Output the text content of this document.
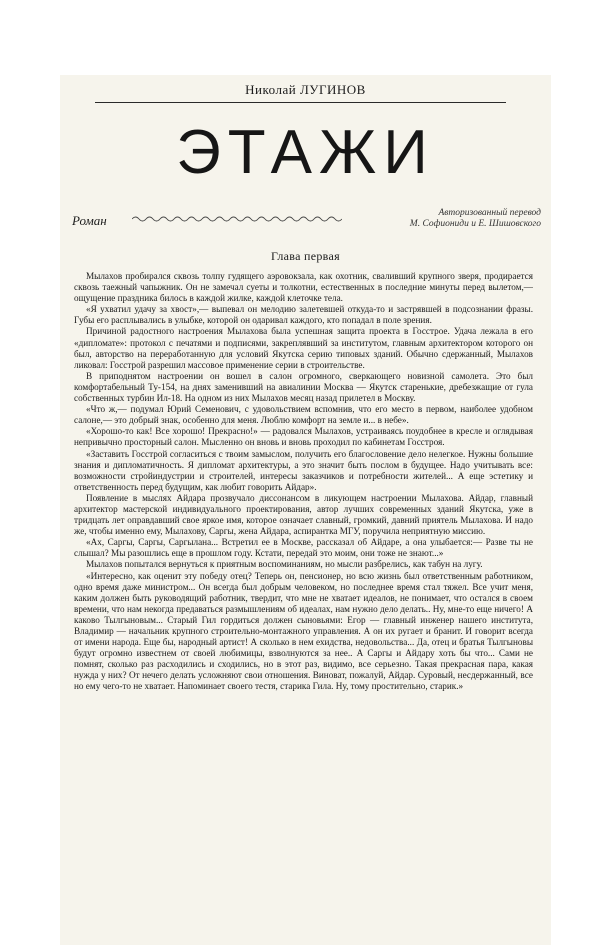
Николай ЛУГИНОВ
ЭТАЖИ
Роман	Авторизованный перевод
М. Софиониди и Е. Шишовского
Глава первая

Мылахов пробирался сквозь толпу гудящего аэровокзала, как охотник, сваливший крупного зверя, продирается сквозь таежный чапыжник. Он не замечал суеты и толкотни, естественных в последние минуты перед вылетом,— ощущение праздника билось в каждой жилке, каждой клеточке тела.

«Я ухватил удачу за хвост»,— выпевал он мелодию залетевшей откуда-то и застрявшей в подсознании фразы. Губы его расплывались в улыбке, которой он одаривал каждого, кто попадал в поле зрения.

Причиной радостного настроения Мылахова была успешная защита проекта в Госстрое. Удача лежала в его «дипломате»: протокол с печатями и подписями, закреплявший за институтом, главным архитектором которого он был, авторство на переработанную для условий Якутска серию типовых зданий. Обычно сдержанный, Мылахов ликовал: Госстрой разрешил массовое применение серии в строительстве.

В приподнятом настроении он вошел в салон огромного, сверкающего новизной самолета. Это был комфортабельный Ту-154, на днях заменивший на авиалинии Москва — Якутск старенькие, дребезжащие от гула собственных турбин Ил-18. На одном из них Мылахов месяц назад прилетел в Москву.

«Что ж,— подумал Юрий Семенович, с удовольствием вспомнив, что его место в первом, наиболее удобном салоне,— это добрый знак, особенно для меня. Люблю комфорт на земле и... в небе».

«Хорошо-то как! Все хорошо! Прекрасно!» — радовался Мылахов, устраиваясь поудобнее в кресле и оглядывая непривычно просторный салон. Мысленно он вновь и вновь проходил по кабинетам Госстроя.

«Заставить Госстрой согласиться с твоим замыслом, получить его благословение дело нелегкое. Нужны большие знания и дипломатичность. Я дипломат архитектуры, а это значит быть послом в будущее. Надо учитывать все: возможности стройиндустрии и строителей, интересы заказчиков и потребности жителей... А еще эстетику и ответственность перед будущим, как любит говорить Айдар».

Появление в мыслях Айдара прозвучало диссонансом в ликующем настроении Мылахова. Айдар, главный архитектор мастерской индивидуального проектирования, автор лучших современных зданий Якутска, уже в тридцать лет оправдавший свое яркое имя, которое означает славный, громкий, давний приятель Мылахова. И надо же, чтобы именно ему, Мылахову, Саргы, жена Айдара, аспирантка МГУ, поручила неприятную миссию.

«Ах, Саргы, Саргы, Саргылана... Встретил ее в Москве, рассказал об Айдаре, а она улыбается:— Разве ты не слышал? Мы разошлись еще в прошлом году. Кстати, передай это моим, они тоже не знают...»

Мылахов попытался вернуться к приятным воспоминаниям, но мысли разбрелись, как табун на лугу.

«Интересно, как оценит эту победу отец? Теперь он, пенсионер, но всю жизнь был ответственным работником, одно время даже министром... Он всегда был добрым человеком, но последнее время стал тяжел. Все учит меня, каким должен быть руководящий работник, твердит, что мне не хватает идеалов, не понимает, что остался в своем времени, что нам некогда предаваться размышлениям об идеалах, нам нужно дело делать.. Ну, мне-то еще ничего! А каково Тылгыновым... Старый Гил гордиться должен сыновьями: Егор — главный инженер нашего института, Владимир — начальник крупного строительно-монтажного управления. А он их ругает и бранит. И говорит всегда от имени народа. Еще бы, народный артист! А сколько в нем ехидства, недовольства... Да, отец и братья Тылгыновы будут огромно известнем от своей любимицы, взволнуются за нее.. А Саргы и Айдару хоть бы что... Сами не помнят, сколько раз расходились и сходились, но в этот раз, видимо, все серьезно. Такая прекрасная пара, какая нужда у них? От нечего делать усложняют свои отношения. Виноват, пожалуй, Айдар. Суровый, несдержанный, все но ему чего-то не хватает. Напоминает своего тестя, старика Гила. Ну, тому простительно, старик.»
